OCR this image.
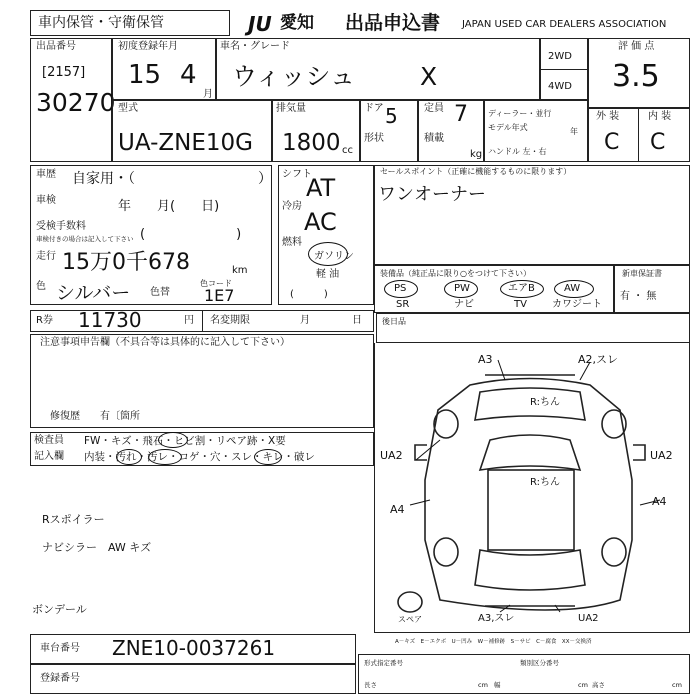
車内保管・守衛保管	JU 愛知 出品申込書 JAPAN USED CAR DEALERS ASSOCIATION
出品番号
[2157]
30270
初度登録年月
15 4
月
車名・グレード
ウィッシュ	X
2WD
4WD
評 価 点
3.5
型式
UA-ZNE10G
排気量
1800 cc
ドア 5
形状
定員 7
積載
kg
ディーラー・並行
モデル年式	年
ハンドル 左・右
外 装	内 装
C C
車歴 自家用・（	）
車検	年　　月(　　日)
受検手数料
車検付きの場合は記入して下さい (　　　　　　　)
走行 15万0千678	km
色 シルバー 色替
色コード
1E7
シフト
AT
冷房
AC
燃料
ガソリン
軽 油
(　　　)
セールスポイント（正確に機能するものに限ります）
ワンオーナー
装備品（純正品に限り○をつけて下さい）
PS	PW	エアB	AW
SR	ナビ	TV	カワジート
新車保証書
有 ・ 無
R券 11730	円 名変期限	月	日	後日品
注意事項申告欄（不具合等は具体的に記入して下さい）
修復歴　　有〔箇所
検査員
記入欄
FW・キズ・飛石・ヒビ割・リペア跡・X要
内装・汚れ・汚レ・コゲ・穴・スレ・キレ・破レ
Rスポイラー
ナビシラー　AW キズ
ボンデール
A3	A2,スレ
R:ちん
R:ちん
UA2	UA2
A4
A4
A3,スレ	UA2
スペア
A－キズ　E－エクボ　U－凹み　W－補修跡　S－サビ　C－腐食　XX－交換済
車台番号 ZNE10-0037261
登録番号
形式指定番号	類別区分番号
長さ	cm 幅	cm 高さ	cm
